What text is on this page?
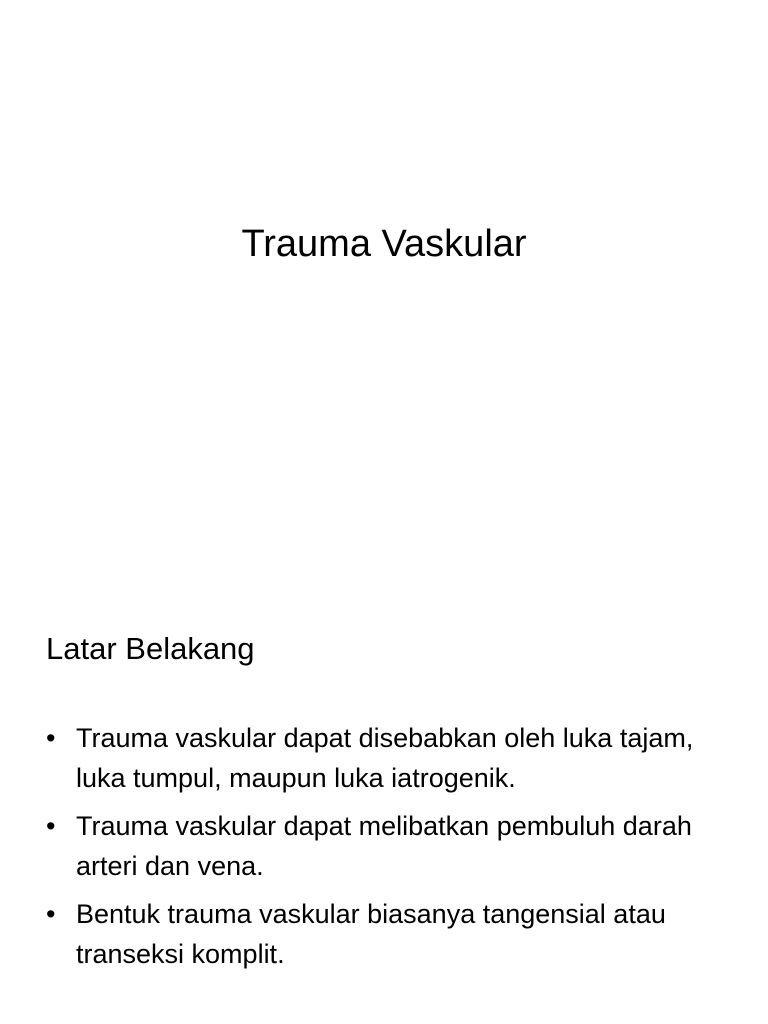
Trauma Vaskular
Latar Belakang
• Trauma vaskular dapat disebabkan oleh luka tajam, luka tumpul, maupun luka iatrogenik.
• Trauma vaskular dapat melibatkan pembuluh darah arteri dan vena.
• Bentuk trauma vaskular biasanya tangensial atau transeksi komplit.
